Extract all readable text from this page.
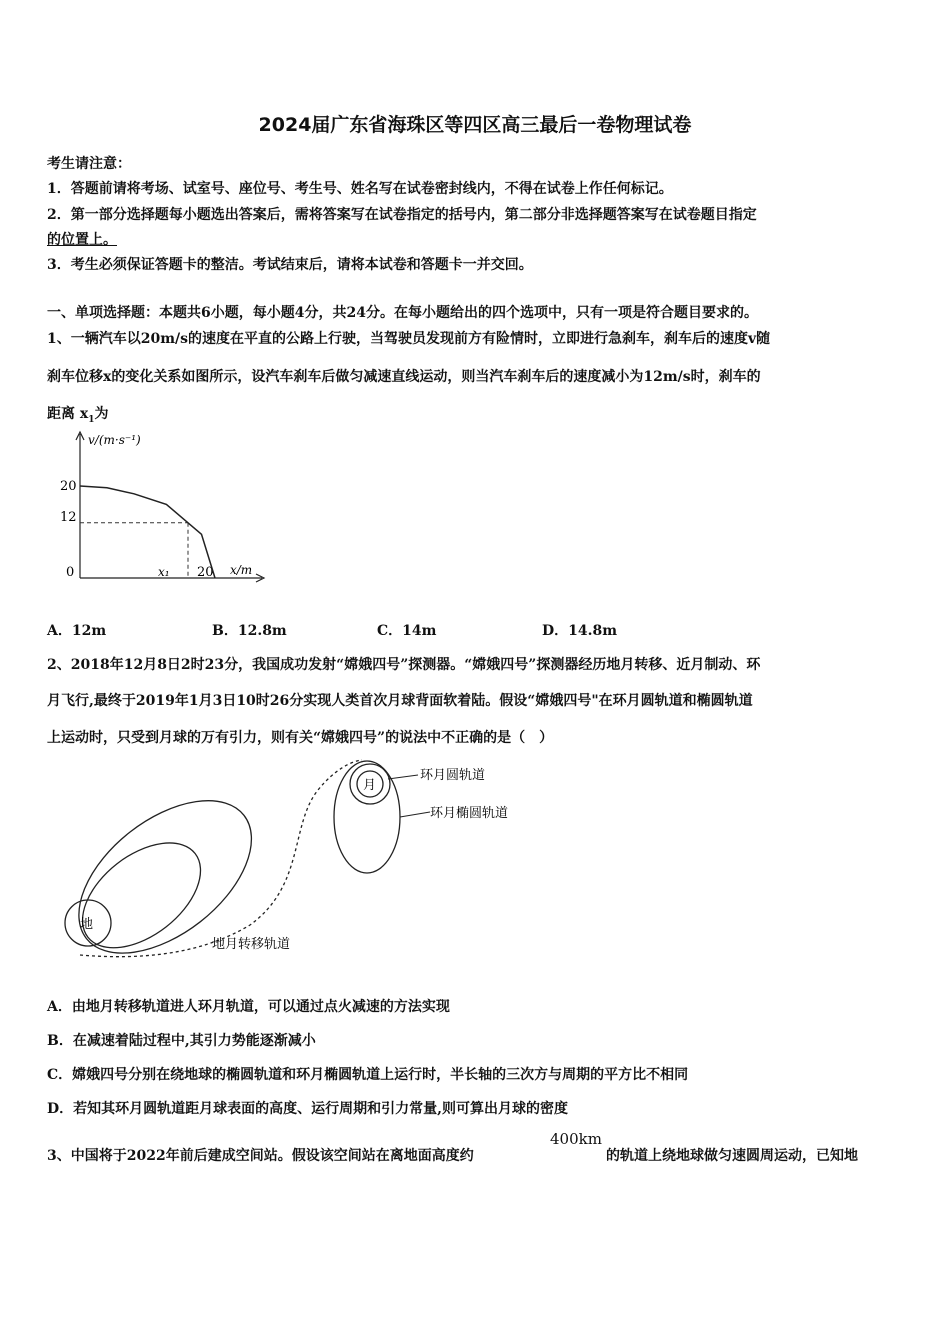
2024届广东省海珠区等四区高三最后一卷物理试卷
考生请注意：
1．答题前请将考场、试室号、座位号、考生号、姓名写在试卷密封线内，不得在试卷上作任何标记。
2．第一部分选择题每小题选出答案后，需将答案写在试卷指定的括号内，第二部分非选择题答案写在试卷题目指定
的位置上。
3．考生必须保证答题卡的整洁。考试结束后，请将本试卷和答题卡一并交回。
一、单项选择题：本题共6小题，每小题4分，共24分。在每小题给出的四个选项中，只有一项是符合题目要求的。
1、一辆汽车以20m/s的速度在平直的公路上行驶，当驾驶员发现前方有险情时，立即进行急刹车，刹车后的速度v随
刹车位移x的变化关系如图所示，设汽车刹车后做匀减速直线运动，则当汽车刹车后的速度减小为12m/s时，刹车的
距离 $x_1$为
v/(m·s⁻¹)
x/m
20
12
0	x₁ 20
A．12m	B．12.8m	C．14m	D．14.8m
2、2018年12月8日2时23分，我国成功发射“嫦娥四号”探测器。“嫦娥四号”探测器经历地月转移、近月制动、环
月飞行,最终于2019年1月3日10时26分实现人类首次月球背面软着陆。假设“嫦娥四号"在环月圆轨道和椭圆轨道
上运动时，只受到月球的万有引力，则有关“嫦娥四号”的说法中不正确的是（　）
地
月
环月圆轨道
环月椭圆轨道
地月转移轨道
A．由地月转移轨道进人环月轨道，可以通过点火减速的方法实现
B．在减速着陆过程中,其引力势能逐渐减小
C．嫦娥四号分别在绕地球的椭圆轨道和环月椭圆轨道上运行时，半长轴的三次方与周期的平方比不相同
D．若知其环月圆轨道距月球表面的高度、运行周期和引力常量,则可算出月球的密度
3、中国将于2022年前后建成空间站。假设该空间站在离地面高度约
400km
的轨道上绕地球做匀速圆周运动，已知地
